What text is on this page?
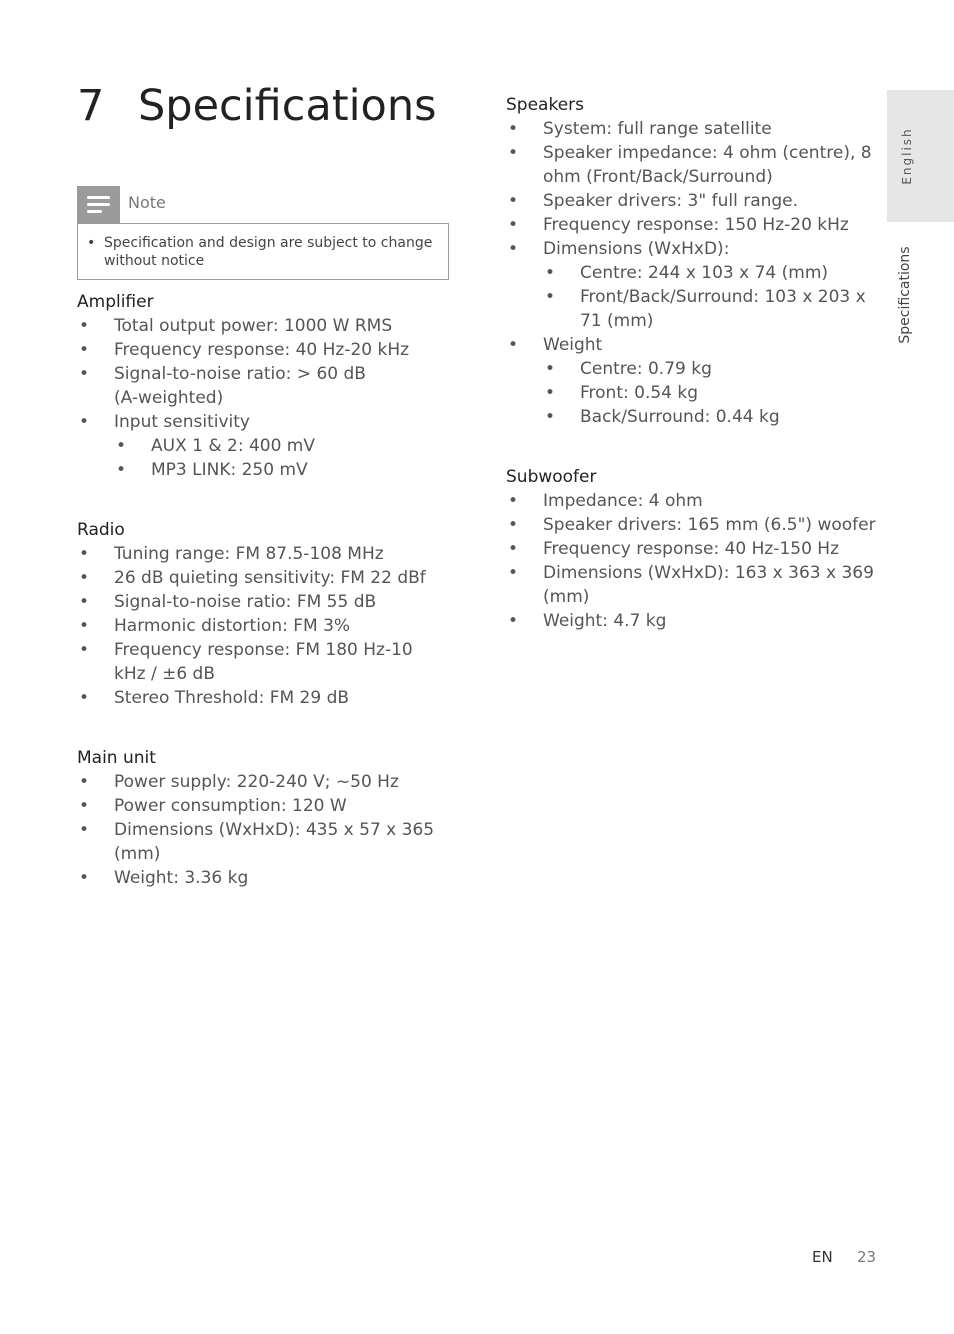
7 Specifications
Note
• Specification and design are subject to change without notice
Amplifier
• Total output power: 1000 W RMS
• Frequency response: 40 Hz-20 kHz
• Signal-to-noise ratio: > 60 dB (A-weighted)
• Input sensitivity
• AUX 1 & 2: 400 mV
• MP3 LINK: 250 mV
Radio
• Tuning range: FM 87.5-108 MHz
• 26 dB quieting sensitivity: FM 22 dBf
• Signal-to-noise ratio: FM 55 dB
• Harmonic distortion: FM 3%
• Frequency response: FM 180 Hz-10 kHz / ±6 dB
• Stereo Threshold: FM 29 dB
Main unit
• Power supply: 220-240 V; ~50 Hz
• Power consumption: 120 W
• Dimensions (WxHxD): 435 x 57 x 365 (mm)
• Weight: 3.36 kg
Speakers
• System: full range satellite
• Speaker impedance: 4 ohm (centre), 8 ohm (Front/Back/Surround)
• Speaker drivers: 3" full range.
• Frequency response: 150 Hz-20 kHz
• Dimensions (WxHxD):
• Centre: 244 x 103 x 74 (mm)
• Front/Back/Surround: 103 x 203 x 71 (mm)
• Weight
• Centre: 0.79 kg
• Front: 0.54 kg
• Back/Surround: 0.44 kg
Subwoofer
• Impedance: 4 ohm
• Speaker drivers: 165 mm (6.5") woofer
• Frequency response: 40 Hz-150 Hz
• Dimensions (WxHxD): 163 x 363 x 369 (mm)
• Weight: 4.7 kg
English
Specifications
EN 23
